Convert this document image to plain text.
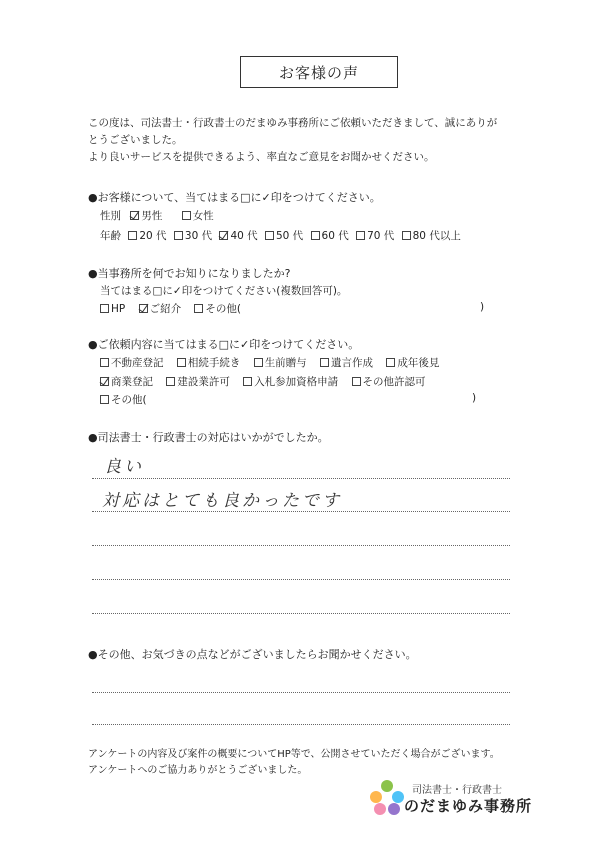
お客様の声
この度は、司法書士・行政書士のだまゆみ事務所にご依頼いただきまして、誠にありが
とうございました。
より良いサービスを提供できるよう、率直なご意見をお聞かせください。
●お客様について、当てはまる□に✓印をつけてください。
性別 男性	女性
年齢 20 代 30 代 40 代 50 代 60 代 70 代 80 代以上
●当事務所を何でお知りになりましたか?
当てはまる□に✓印をつけてください(複数回答可)。
HP ご紹介 その他(	)
●ご依頼内容に当てはまる□に✓印をつけてください。
不動産登記 相続手続き 生前贈与 遺言作成 成年後見
商業登記 建設業許可 入札参加資格申請 その他許認可
その他(	)
●司法書士・行政書士の対応はいかがでしたか。
良い
対応はとても良かったです
●その他、お気づきの点などがございましたらお聞かせください。
アンケートの内容及び案件の概要についてHP等で、公開させていただく場合がございます。
アンケートへのご協力ありがとうございました。
司法書士・行政書士
のだまゆみ事務所
